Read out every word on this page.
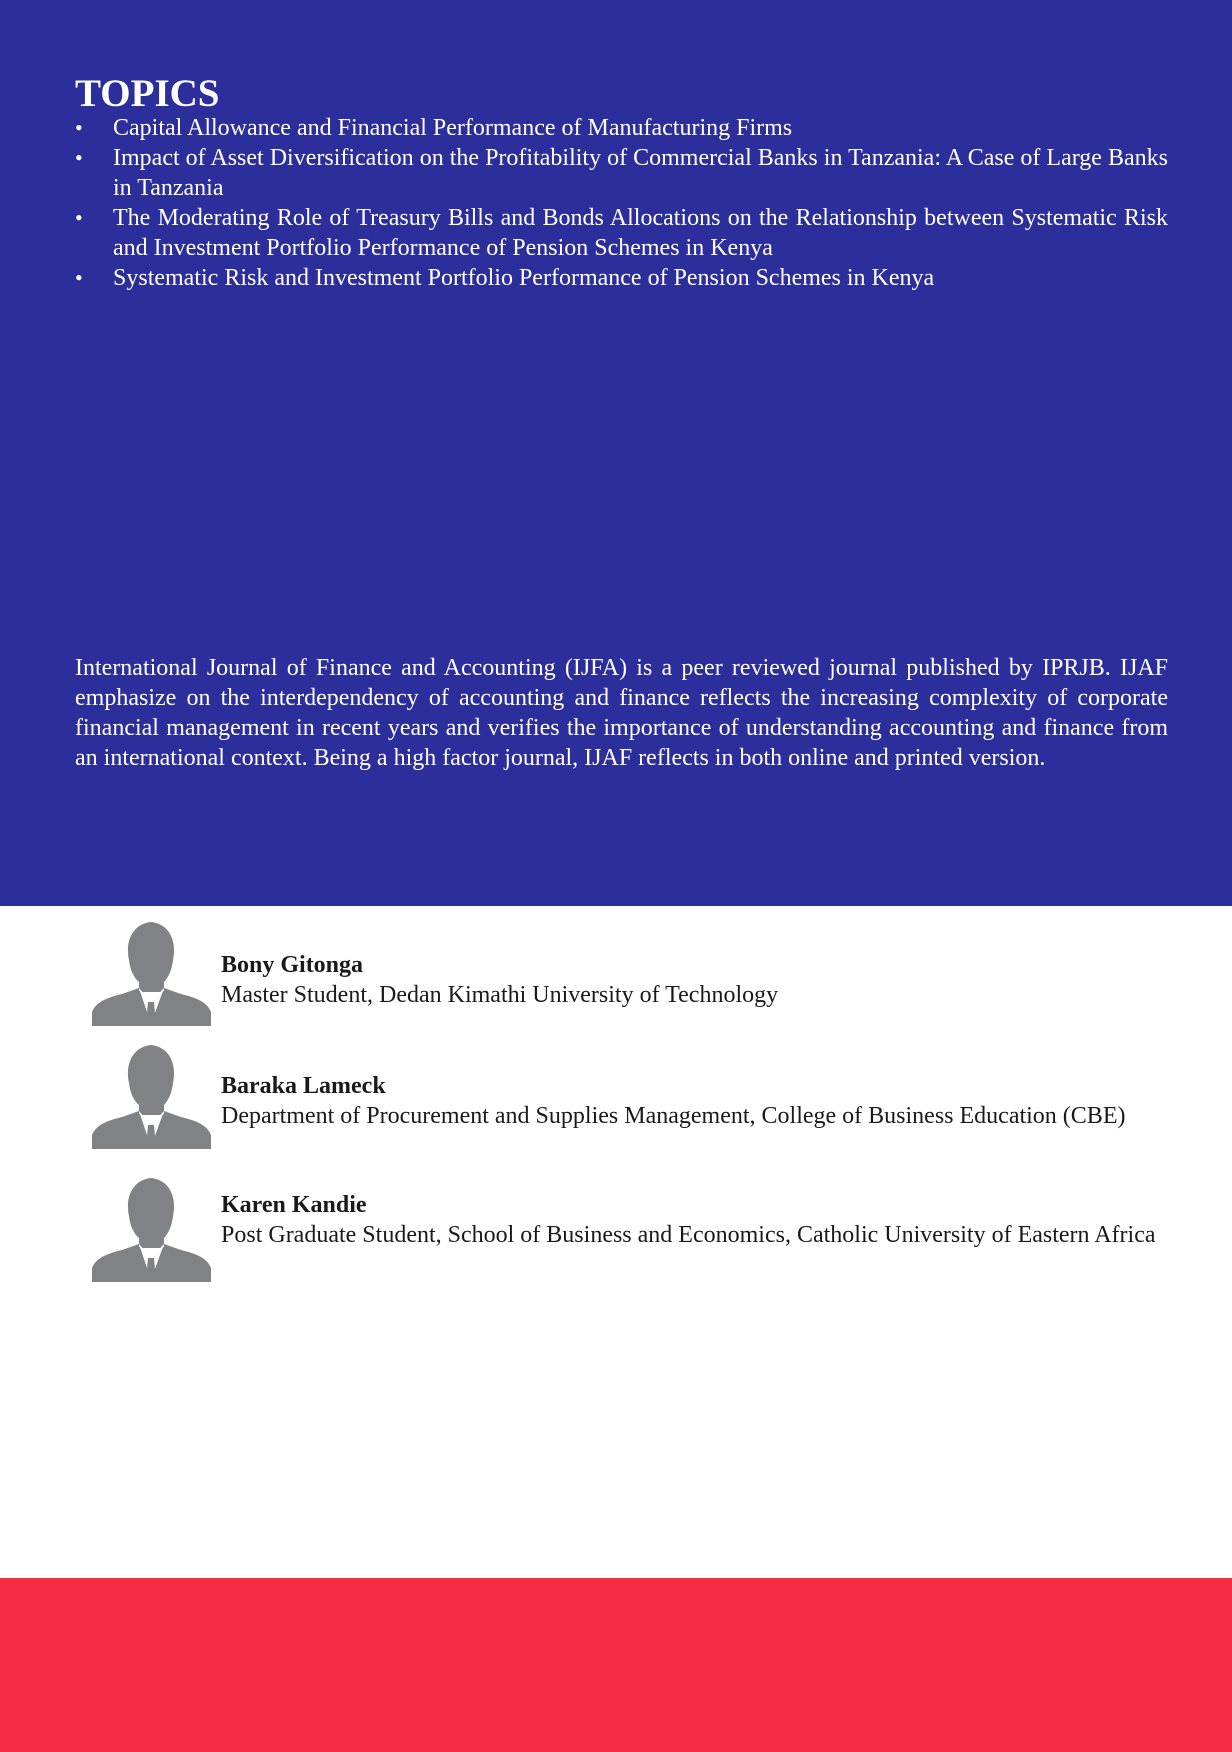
TOPICS
• Capital Allowance and Financial Performance of Manufacturing Firms
• Impact of Asset Diversification on the Profitability of Commercial Banks in Tanzania: A Case of Large Banks in Tanzania
• The Moderating Role of Treasury Bills and Bonds Allocations on the Relationship between Systematic Risk and Investment Portfolio Performance of Pension Schemes in Kenya
• Systematic Risk and Investment Portfolio Performance of Pension Schemes in Kenya

International Journal of Finance and Accounting (IJFA) is a peer reviewed journal published by IPRJB. IJAF emphasize on the interdependency of accounting and finance reflects the increasing complexity of corporate financial management in recent years and verifies the importance of understanding accounting and finance from an international context. Being a high factor journal, IJAF reflects in both online and printed version.

Bony Gitonga
Master Student, Dedan Kimathi University of Technology
Baraka Lameck
Department of Procurement and Supplies Management, College of Business Education (CBE)
Karen Kandie
Post Graduate Student, School of Business and Economics, Catholic University of Eastern Africa
